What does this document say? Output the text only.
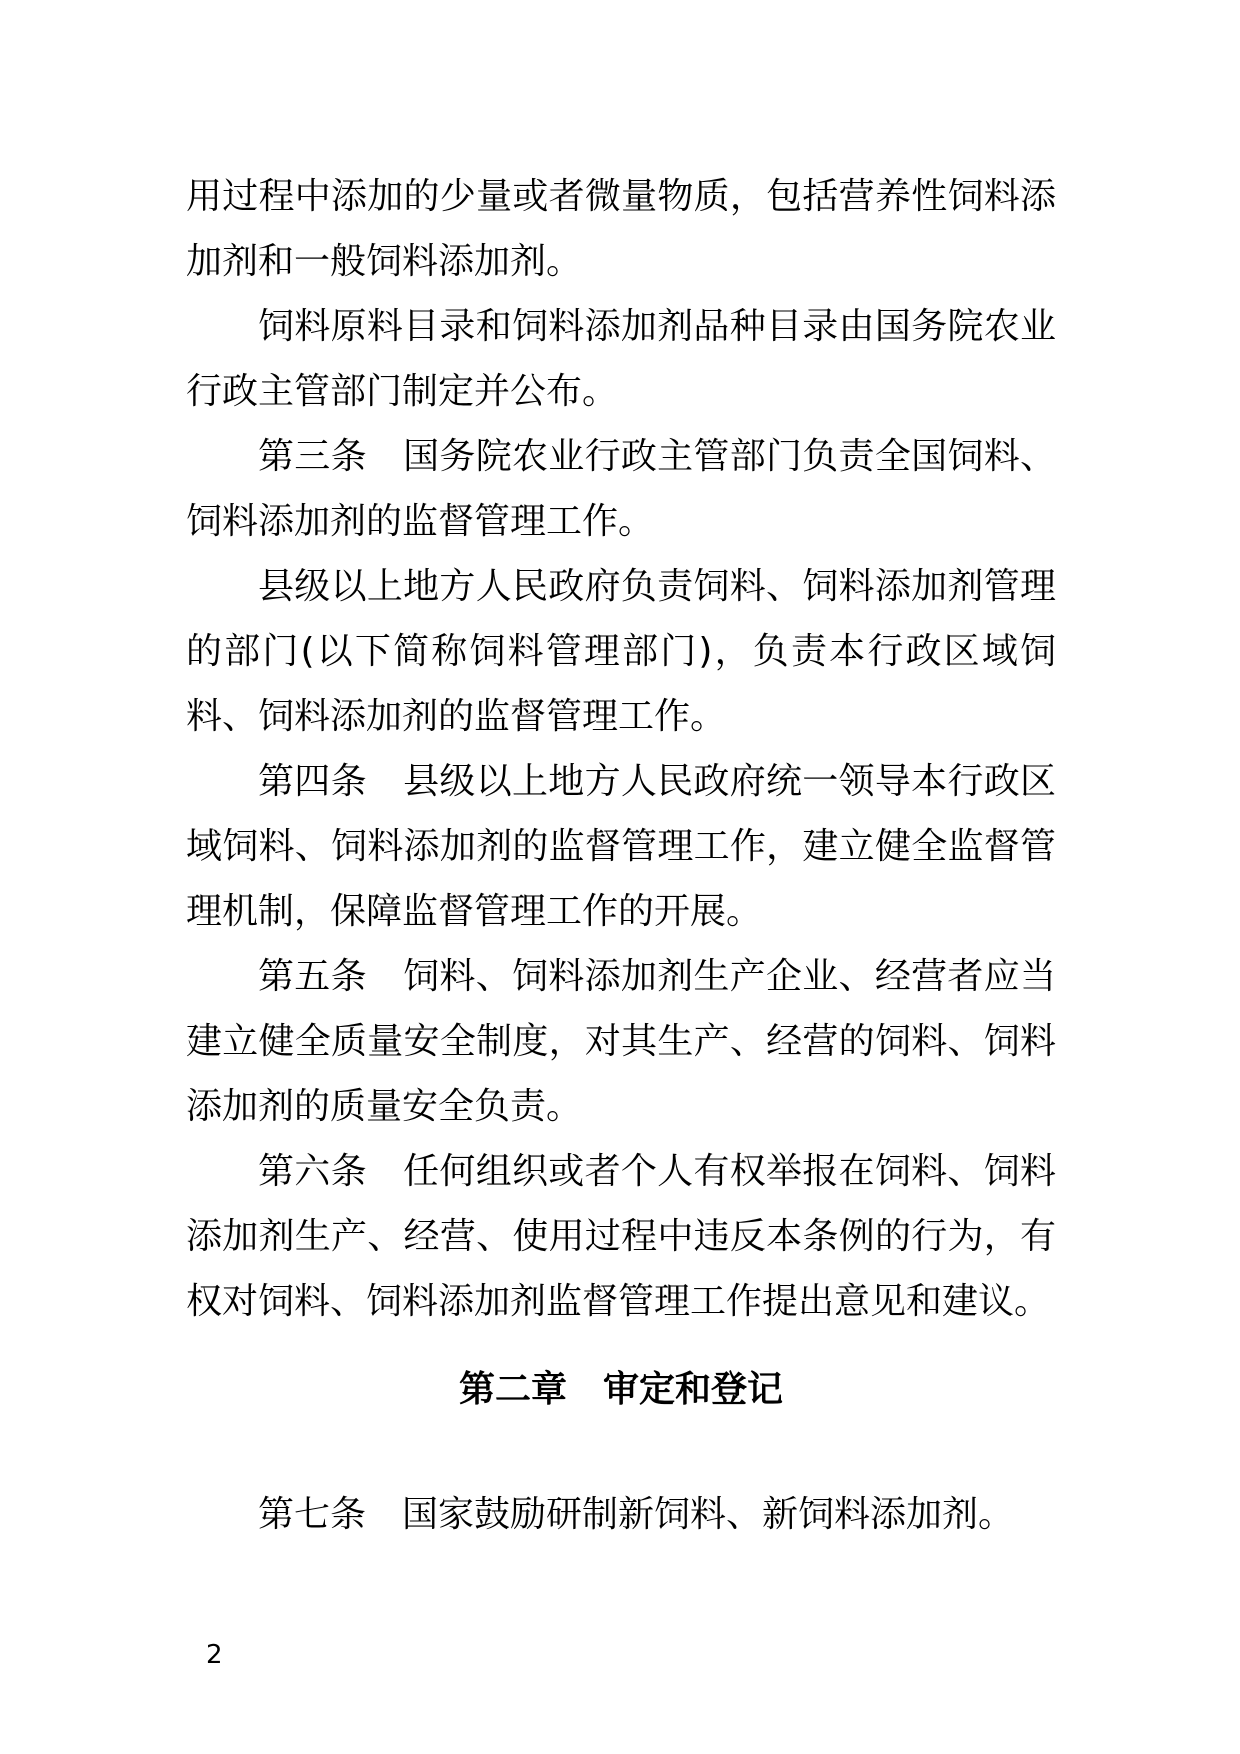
用过程中添加的少量或者微量物质，包括营养性饲料添加剂和一般饲料添加剂。

饲料原料目录和饲料添加剂品种目录由国务院农业行政主管部门制定并公布。

第三条　国务院农业行政主管部门负责全国饲料、饲料添加剂的监督管理工作。

县级以上地方人民政府负责饲料、饲料添加剂管理的部门(以下简称饲料管理部门)，负责本行政区域饲料、饲料添加剂的监督管理工作。

第四条　县级以上地方人民政府统一领导本行政区域饲料、饲料添加剂的监督管理工作，建立健全监督管理机制，保障监督管理工作的开展。

第五条　饲料、饲料添加剂生产企业、经营者应当建立健全质量安全制度，对其生产、经营的饲料、饲料添加剂的质量安全负责。

第六条　任何组织或者个人有权举报在饲料、饲料添加剂生产、经营、使用过程中违反本条例的行为，有权对饲料、饲料添加剂监督管理工作提出意见和建议。

第二章　审定和登记

第七条　国家鼓励研制新饲料、新饲料添加剂。

2
